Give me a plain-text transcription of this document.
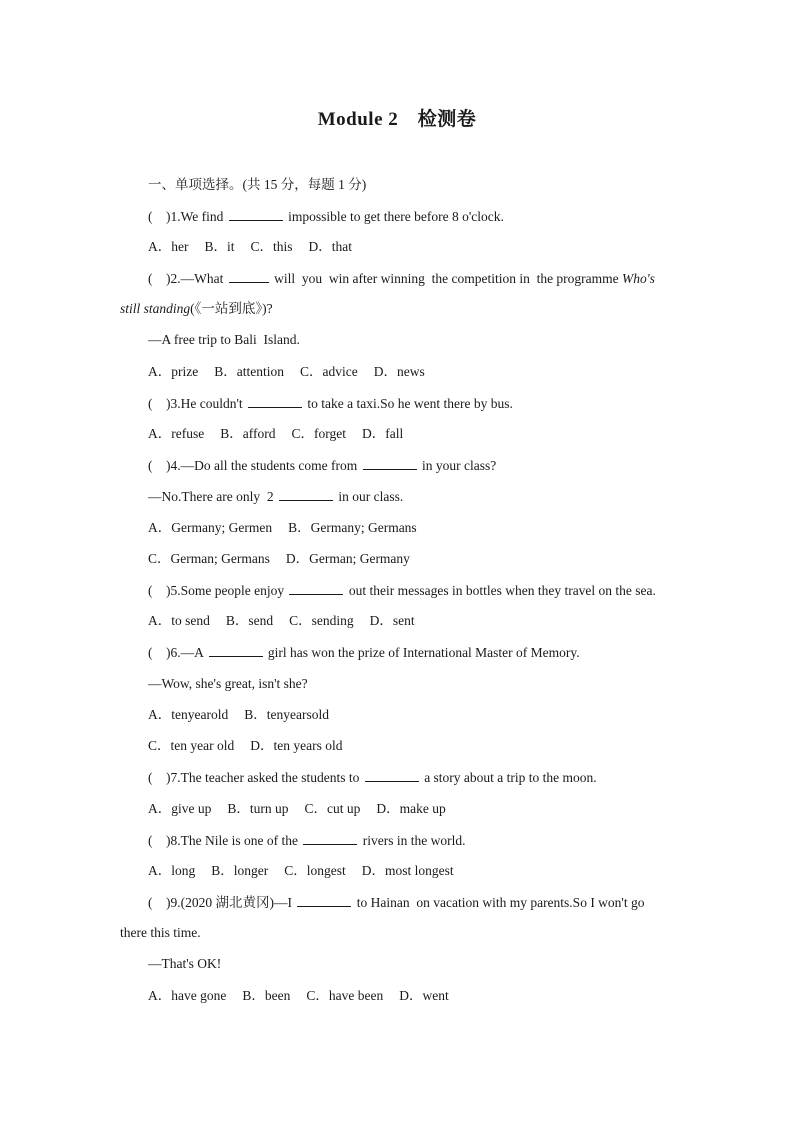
Module 2　检测卷
一、单项选择。(共 15 分，每题 1 分)
(    )1.We find	impossible to get there before 8 o'clock.
A．her B．it C．this D．that
(    )2.—What	will  you  win after winning  the competition in  the programme Who's
still standing(《一站到底》)?
—A free trip to Bali  Island.
A．prize B．attention C．advice D．news
(    )3.He couldn't	to take a taxi.So he went there by bus.
A．refuse B．afford C．forget D．fall
(    )4.—Do all the students come from	in your class?
—No.There are only  2	in our class.
A．Germany; Germen B．Germany; Germans
C．German; Germans D．German; Germany
(    )5.Some people enjoy	out their messages in bottles when they travel on the sea.
A．to send B．send C．sending D．sent
(    )6.—A	girl has won the prize of International Master of Memory.
—Wow, she's great, isn't she?
A．tenyearold B．tenyearsold
C．ten year old D．ten years old
(    )7.The teacher asked the students to	a story about a trip to the moon.
A．give up B．turn up C．cut up D．make up
(    )8.The Nile is one of the	rivers in the world.
A．long B．longer C．longest D．most longest
(    )9.(2020 湖北黄冈)—I	to Hainan  on vacation with my parents.So I won't go
there this time.
—That's OK!
A．have gone B．been C．have been D．went
